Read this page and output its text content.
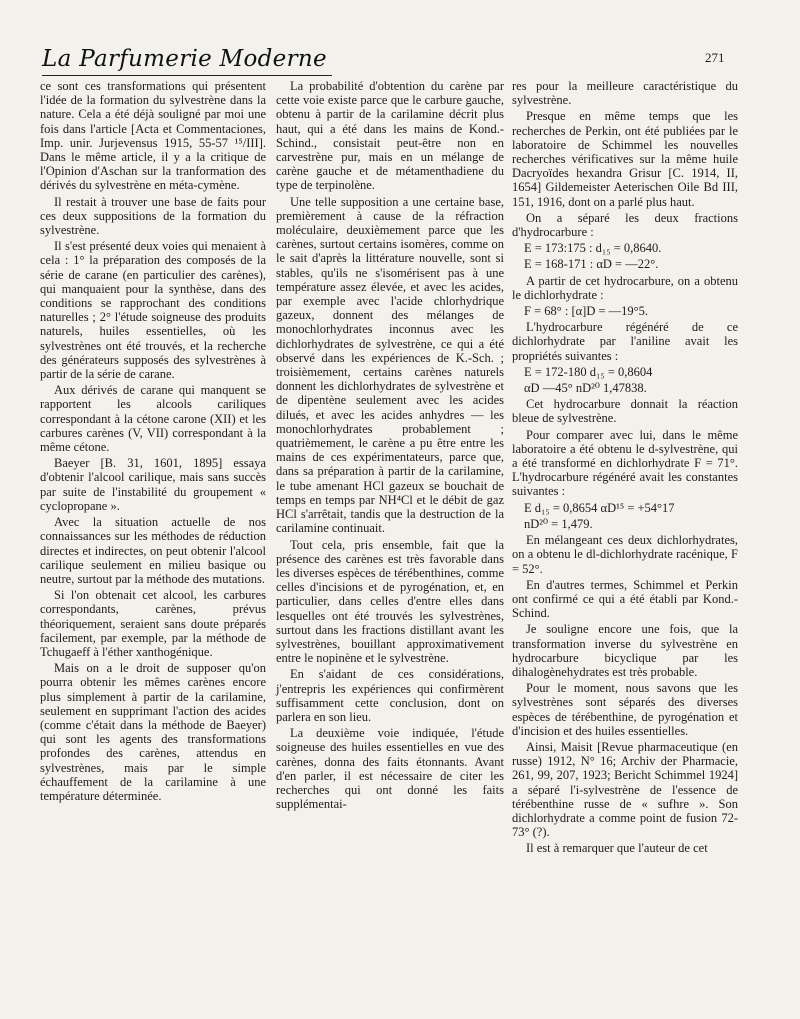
La Parfumerie Moderne	271

ce sont ces transformations qui présentent l'idée de la formation du sylvestrène dans la nature. Cela a été déjà souligné par moi une fois dans l'article [Acta et Commentaciones, Imp. unir. Jurjevensus 1915, 55-57 ¹⁵/III]. Dans le même article, il y a la critique de l'Opinion d'Aschan sur la tranformation des dérivés du sylvestrène en méta-cymène.

Il restait à trouver une base de faits pour ces deux suppositions de la formation du sylvestrène.

Il s'est présenté deux voies qui menaient à cela : 1° la préparation des composés de la série de carane (en particulier des carènes), qui manquaient pour la synthèse, dans des conditions se rapprochant des conditions naturelles ; 2° l'étude soigneuse des produits naturels, huiles essentielles, où les sylvestrènes ont été trouvés, et la recherche des générateurs supposés des sylvestrènes à partir de la série de carane.

Aux dérivés de carane qui manquent se rapportent les alcools cariliques correspondant à la cétone carone (XII) et les carbures carènes (V, VII) correspondant à la même cétone.

Baeyer [B. 31, 1601, 1895] essaya d'obtenir l'alcool carilique, mais sans succès par suite de l'instabilité du groupement « cyclopropane ».

Avec la situation actuelle de nos connaissances sur les méthodes de réduction directes et indirectes, on peut obtenir l'alcool carilique seulement en milieu basique ou neutre, surtout par la méthode des mutations.

Si l'on obtenait cet alcool, les carbures correspondants, carènes, prévus théoriquement, seraient sans doute préparés facilement, par exemple, par la méthode de Tchugaeff à l'éther xanthogénique.

Mais on a le droit de supposer qu'on pourra obtenir les mêmes carènes encore plus simplement à partir de la carilamine, seulement en supprimant l'action des acides (comme c'était dans la méthode de Baeyer) qui sont les agents des transformations profondes des carènes, attendus en sylvestrènes, mais par le simple échauffement de la carilamine à une température déterminée.

La probabilité d'obtention du carène par cette voie existe parce que le carbure gauche, obtenu à partir de la carilamine décrit plus haut, qui a été dans les mains de Kond.-Schind., consistait peut-être non en carvestrène pur, mais en un mélange de carène gauche et de métamenthadiene du type de terpinolène.

Une telle supposition a une certaine base, premièrement à cause de la réfraction moléculaire, deuxièmement parce que les carènes, surtout certains isomères, comme on le sait d'après la littérature nouvelle, sont si stables, qu'ils ne s'isomérisent pas à une température assez élevée, et avec les acides, par exemple avec l'acide chlorhydrique gazeux, donnent des mélanges de monochlorhydrates inconnus avec les dichlorhydrates de sylvestrène, ce qui a été observé dans les expériences de K.-Sch. ; troisièmement, certains carènes naturels donnent les dichlorhydrates de sylvestrène et de dipentène seulement avec les acides dilués, et avec les acides anhydres — les monochlorhydrates probablement ; quatrièmement, le carène a pu être entre les mains de ces expérimentateurs, parce que, dans sa préparation à partir de la carilamine, le tube amenant HCl gazeux se bouchait de temps en temps par NH⁴Cl et le débit de gaz HCl s'arrêtait, tandis que la destruction de la carilamine continuait.

Tout cela, pris ensemble, fait que la présence des carènes est très favorable dans les diverses espèces de térébenthines, comme celles d'incisions et de pyrogénation, et, en particulier, dans celles d'entre elles dans lesquelles ont été trouvés les sylvestrènes, surtout dans les fractions distillant avant les sylvestrènes, bouillant approximativement entre le nopinène et le sylvestrène.

En s'aidant de ces considérations, j'entrepris les expériences qui confirmèrent suffisamment cette conclusion, dont on parlera en son lieu.

La deuxième voie indiquée, l'étude soigneuse des huiles essentielles en vue des carènes, donna des faits étonnants. Avant d'en parler, il est nécessaire de citer les recherches qui ont donné les faits supplémentai-

res pour la meilleure caractéristique du sylvestrène.

Presque en même temps que les recherches de Perkin, ont été publiées par le laboratoire de Schimmel les nouvelles recherches vérificatives sur la même huile Dacryoïdes hexandra Grisur [C. 1914, II, 1654] Gildemeister Aeterischen Oile Bd III, 151, 1916, dont on a parlé plus haut.

On a séparé les deux fractions d'hydrocarbure :

E = 173:175 : d₁₅ = 0,8640.

E = 168-171 : αD = —22°.

A partir de cet hydrocarbure, on a obtenu le dichlorhydrate :

F = 68° : [α]D = —19°5.

L'hydrocarbure régénéré de ce dichlorhydrate par l'aniline avait les propriétés suivantes :

E = 172-180 d₁₅ = 0,8604

αD —45° nD²⁰ 1,47838.

Cet hydrocarbure donnait la réaction bleue de sylvestrène.

Pour comparer avec lui, dans le même laboratoire a été obtenu le d-sylvestrène, qui a été transformé en dichlorhydrate F = 71°. L'hydrocarbure régénéré avait les constantes suivantes :

E d₁₅ = 0,8654 αD¹⁵ = +54°17

nD²⁰ = 1,479.

En mélangeant ces deux dichlorhydrates, on a obtenu le dl-dichlorhydrate racénique, F = 52°.

En d'autres termes, Schimmel et Perkin ont confirmé ce qui a été établi par Kond.-Schind.

Je souligne encore une fois, que la transformation inverse du sylvestrène en hydrocarbure bicyclique par les dihalogènehydrates est très probable.

Pour le moment, nous savons que les sylvestrènes sont séparés des diverses espèces de térébenthine, de pyrogénation et d'incision et des huiles essentielles.

Ainsi, Maisit [Revue pharmaceutique (en russe) 1912, N° 16; Archiv der Pharmacie, 261, 99, 207, 1923; Bericht Schimmel 1924] a séparé l'i-sylvestrène de l'essence de térébenthine russe de « sufhre ». Son dichlorhydrate a comme point de fusion 72-73° (?).

Il est à remarquer que l'auteur de cet
